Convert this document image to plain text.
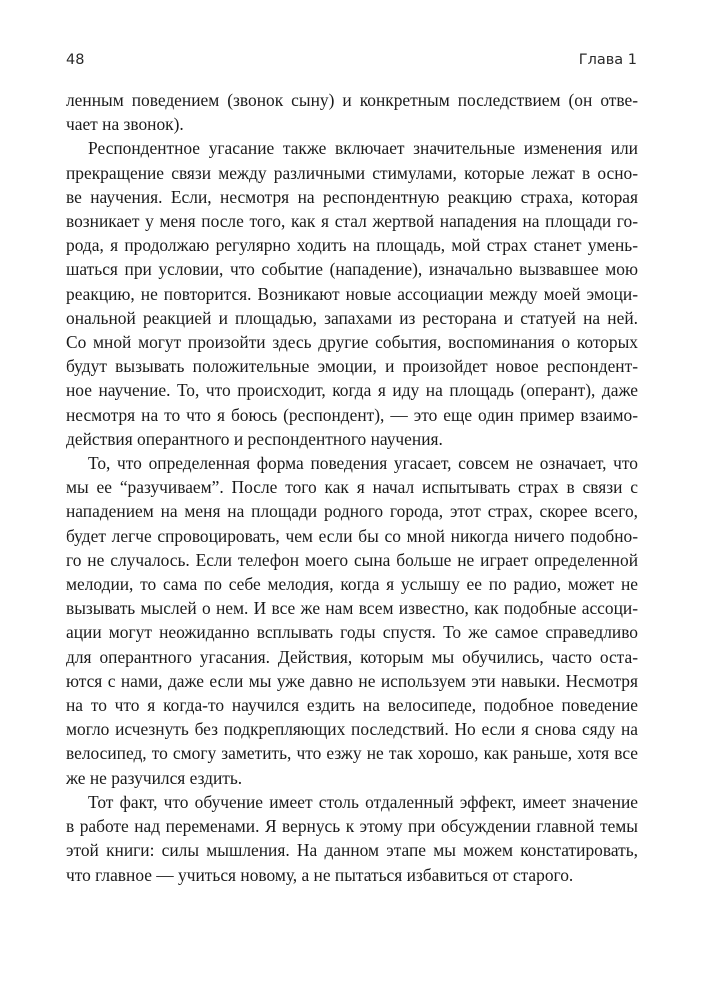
48	Глава 1
ленным поведением (звонок сыну) и конкретным последствием (он отве-
чает на звонок).
Респондентное угасание также включает значительные изменения или
прекращение связи между различными стимулами, которые лежат в осно-
ве научения. Если, несмотря на респондентную реакцию страха, которая
возникает у меня после того, как я стал жертвой нападения на площади го-
рода, я продолжаю регулярно ходить на площадь, мой страх станет умень-
шаться при условии, что событие (нападение), изначально вызвавшее мою
реакцию, не повторится. Возникают новые ассоциации между моей эмоци-
ональной реакцией и площадью, запахами из ресторана и статуей на ней.
Со мной могут произойти здесь другие события, воспоминания о которых
будут вызывать положительные эмоции, и произойдет новое респондент-
ное научение. То, что происходит, когда я иду на площадь (оперант), даже
несмотря на то что я боюсь (респондент), — это еще один пример взаимо-
действия оперантного и респондентного научения.
То, что определенная форма поведения угасает, совсем не означает, что
мы ее “разучиваем”. После того как я начал испытывать страх в связи с
нападением на меня на площади родного города, этот страх, скорее всего,
будет легче спровоцировать, чем если бы со мной никогда ничего подобно-
го не случалось. Если телефон моего сына больше не играет определенной
мелодии, то сама по себе мелодия, когда я услышу ее по радио, может не
вызывать мыслей о нем. И все же нам всем известно, как подобные ассоци-
ации могут неожиданно всплывать годы спустя. То же самое справедливо
для оперантного угасания. Действия, которым мы обучились, часто оста-
ются с нами, даже если мы уже давно не используем эти навыки. Несмотря
на то что я когда-то научился ездить на велосипеде, подобное поведение
могло исчезнуть без подкрепляющих последствий. Но если я снова сяду на
велосипед, то смогу заметить, что езжу не так хорошо, как раньше, хотя все
же не разучился ездить.
Тот факт, что обучение имеет столь отдаленный эффект, имеет значение
в работе над переменами. Я вернусь к этому при обсуждении главной темы
этой книги: силы мышления. На данном этапе мы можем констатировать,
что главное — учиться новому, а не пытаться избавиться от старого.
